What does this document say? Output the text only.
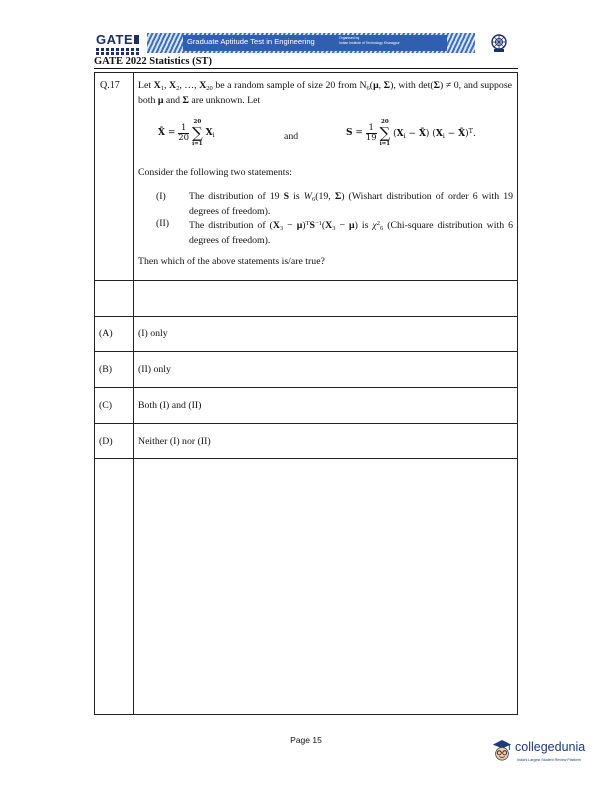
GATE	Graduate Aptitude Test in Engineering	Organised by
Indian Institute of Technology Kharagpur
GATE 2022 Statistics (ST)
Q.17 Let $X_1$, $X_2$, …, $X_{20}$ be a random sample of size 20 from $N_6(\mu$, Σ), with det(Σ) ≠ 0, and suppose both μ and Σ are unknown. Let
X̄ = $\frac{1}{20}$

20
∑
i=1
$X_i$	and	$S = \frac{1}{19}$

20
∑
i=1
($X_i$ − X̄) ($X_i$ − X̄)$^T$.
Consider the following two statements:
(I) The distribution of 19 S is $W_6(19$, Σ) (Wishart distribution of order 6 with 19 degrees of freedom).
(II) The distribution of $(X_3 - \mu)^TS^{-1}(X_3 - \mu)$ is $\chi^2_6$ (Chi-square distribution with 6 degrees of freedom).
Then which of the above statements is/are true?
(A)	(I) only
(B)	(II) only
(C)	Both (I) and (II)
(D)	Neither (I) nor (II)
Page 15	collegedunia
India's Largest Student Review Platform
